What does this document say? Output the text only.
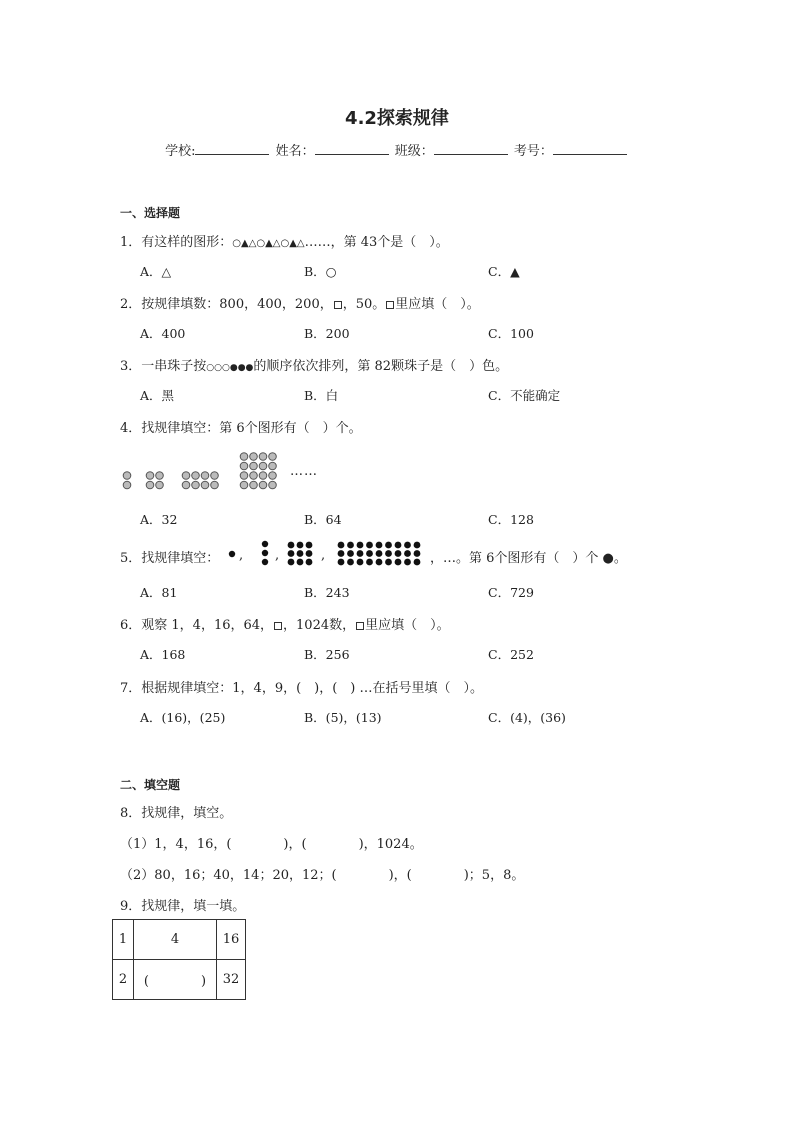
4.2探索规律
学校:	姓名：	班级：	考号：
一、选择题
1．有这样的图形：○▲△○▲△○▲△……，第 43个是（　）。
A．△	B．○	C．▲
2．按规律填数：800，400，200， ，50。 里应填（　）。
A．400	B．200	C．100
3．一串珠子按○○○●●●的顺序依次排列，第 82颗珠子是（　）色。
A．黑	B．白	C．不能确定
4．找规律填空：第 6个图形有（　）个。
……
A．32	B．64	C．128
5．找规律填空： , ,	,	，…。第 6个图形有（　）个 ●。
A．81	B．243	C．729
6．观察 1，4，16，64， ，1024数， 里应填（　）。
A．168	B．256	C．252
7．根据规律填空：1，4，9，(　)，(　) …在括号里填（　）。
A．(16)，(25)	B．(5)，(13)	C．(4)，(36)
二、填空题
8．找规律，填空。
（1）1，4，16，(　　　　)，(　　　　)，1024。
（2）80，16；40，14；20，12；(　　　　)，(　　　　)；5，8。
9．找规律，填一填。
1	4	16
2	(　　　　)	32
